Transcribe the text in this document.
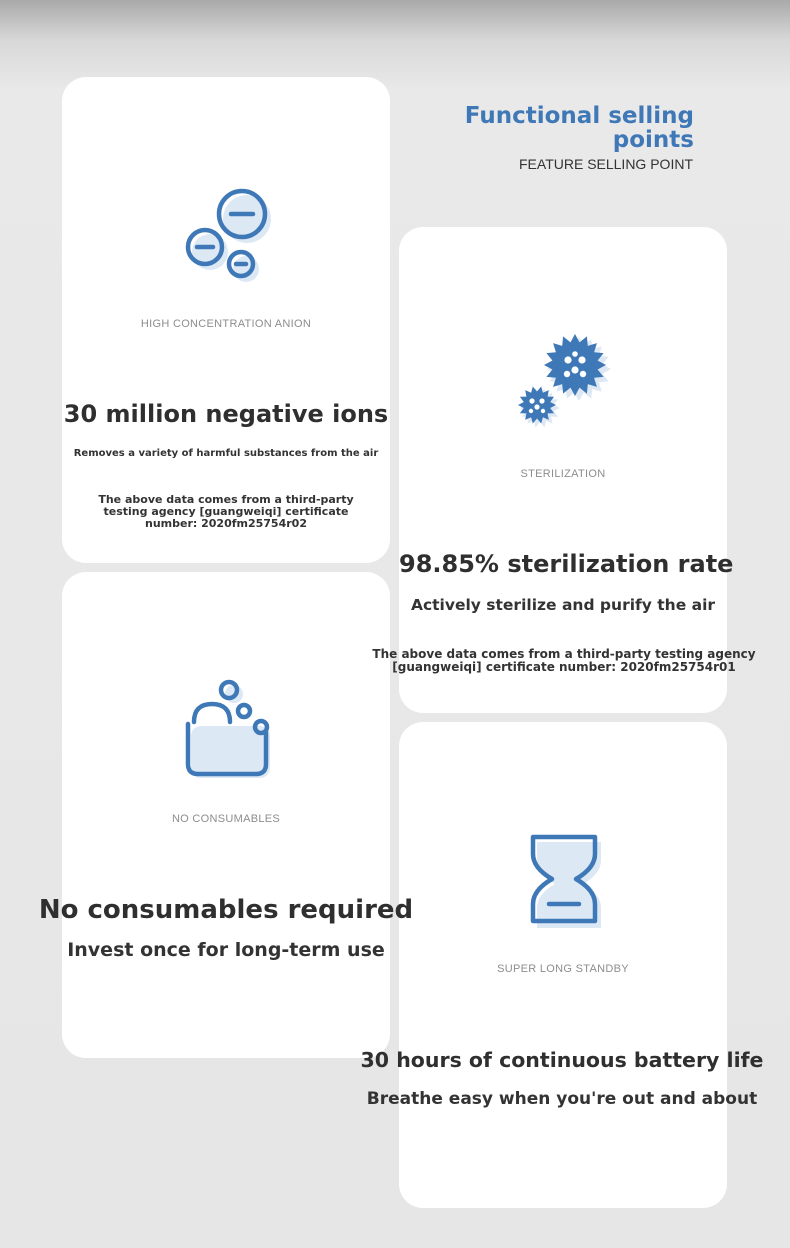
Functional selling points
FEATURE SELLING POINT
HIGH CONCENTRATION ANION
30 million negative ions
Removes a variety of harmful substances from the air
The above data comes from a third-party testing agency [guangweiqi] certificate number: 2020fm25754r02
STERILIZATION
98.85% sterilization rate
Actively sterilize and purify the air
The above data comes from a third-party testing agency [guangweiqi] certificate number: 2020fm25754r01
NO CONSUMABLES
No consumables required
Invest once for long-term use
SUPER LONG STANDBY
30 hours of continuous battery life
Breathe easy when you're out and about
